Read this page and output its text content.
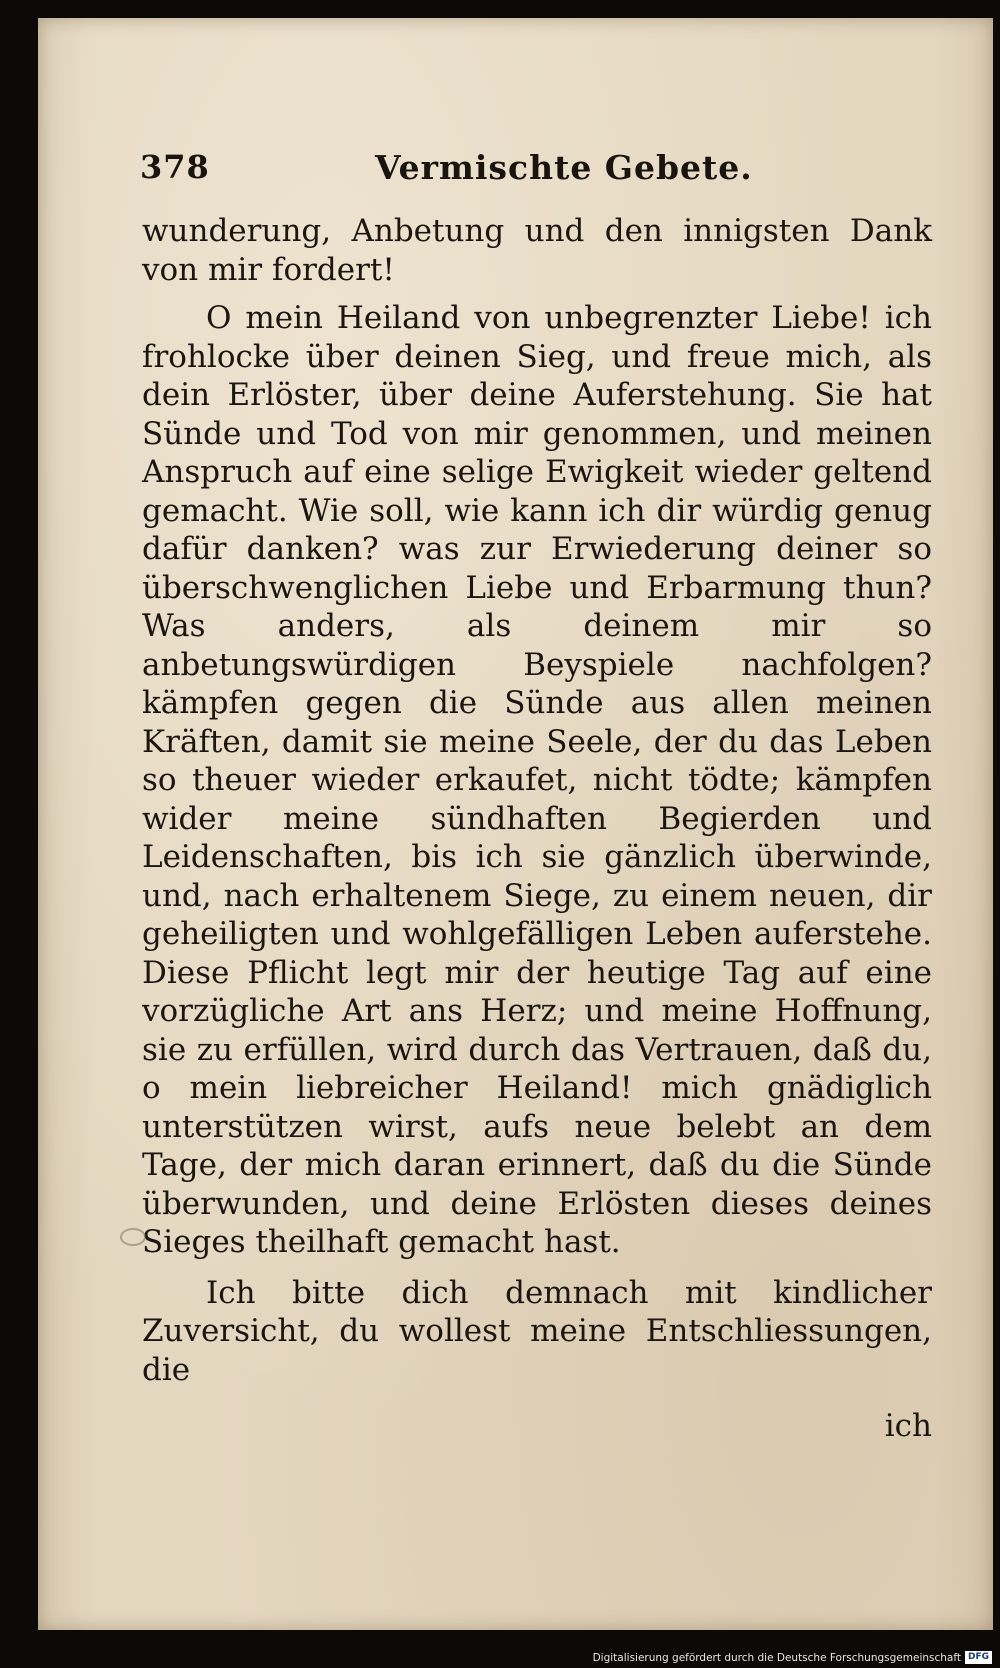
378	Vermischte Gebete.

wunderung, Anbetung und den innigsten Dank von mir fordert!

O mein Heiland von unbegrenzter Liebe! ich frohlocke über deinen Sieg, und freue mich, als dein Erlöster, über deine Auferstehung. Sie hat Sünde und Tod von mir genommen, und meinen Anspruch auf eine selige Ewigkeit wieder geltend gemacht. Wie soll, wie kann ich dir würdig genug dafür danken? was zur Erwiederung deiner so überschwenglichen Liebe und Erbarmung thun? Was anders, als deinem mir so anbetungswürdigen Beyspiele nachfolgen? kämpfen gegen die Sünde aus allen meinen Kräften, damit sie meine Seele, der du das Leben so theuer wieder erkaufet, nicht tödte; kämpfen wider meine sündhaften Begierden und Leidenschaften, bis ich sie gänzlich überwinde, und, nach erhaltenem Siege, zu einem neuen, dir geheiligten und wohlgefälligen Leben auferstehe. Diese Pflicht legt mir der heutige Tag auf eine vorzügliche Art ans Herz; und meine Hoffnung, sie zu erfüllen, wird durch das Vertrauen, daß du, o mein liebreicher Heiland! mich gnädiglich unterstützen wirst, aufs neue belebt an dem Tage, der mich daran erinnert, daß du die Sünde überwunden, und deine Erlösten dieses deines Sieges theilhaft gemacht hast.

Ich bitte dich demnach mit kindlicher Zuversicht, du wollest meine Entschliessungen, die

ich
Digitalisierung gefördert durch die Deutsche Forschungsgemeinschaft DFG
